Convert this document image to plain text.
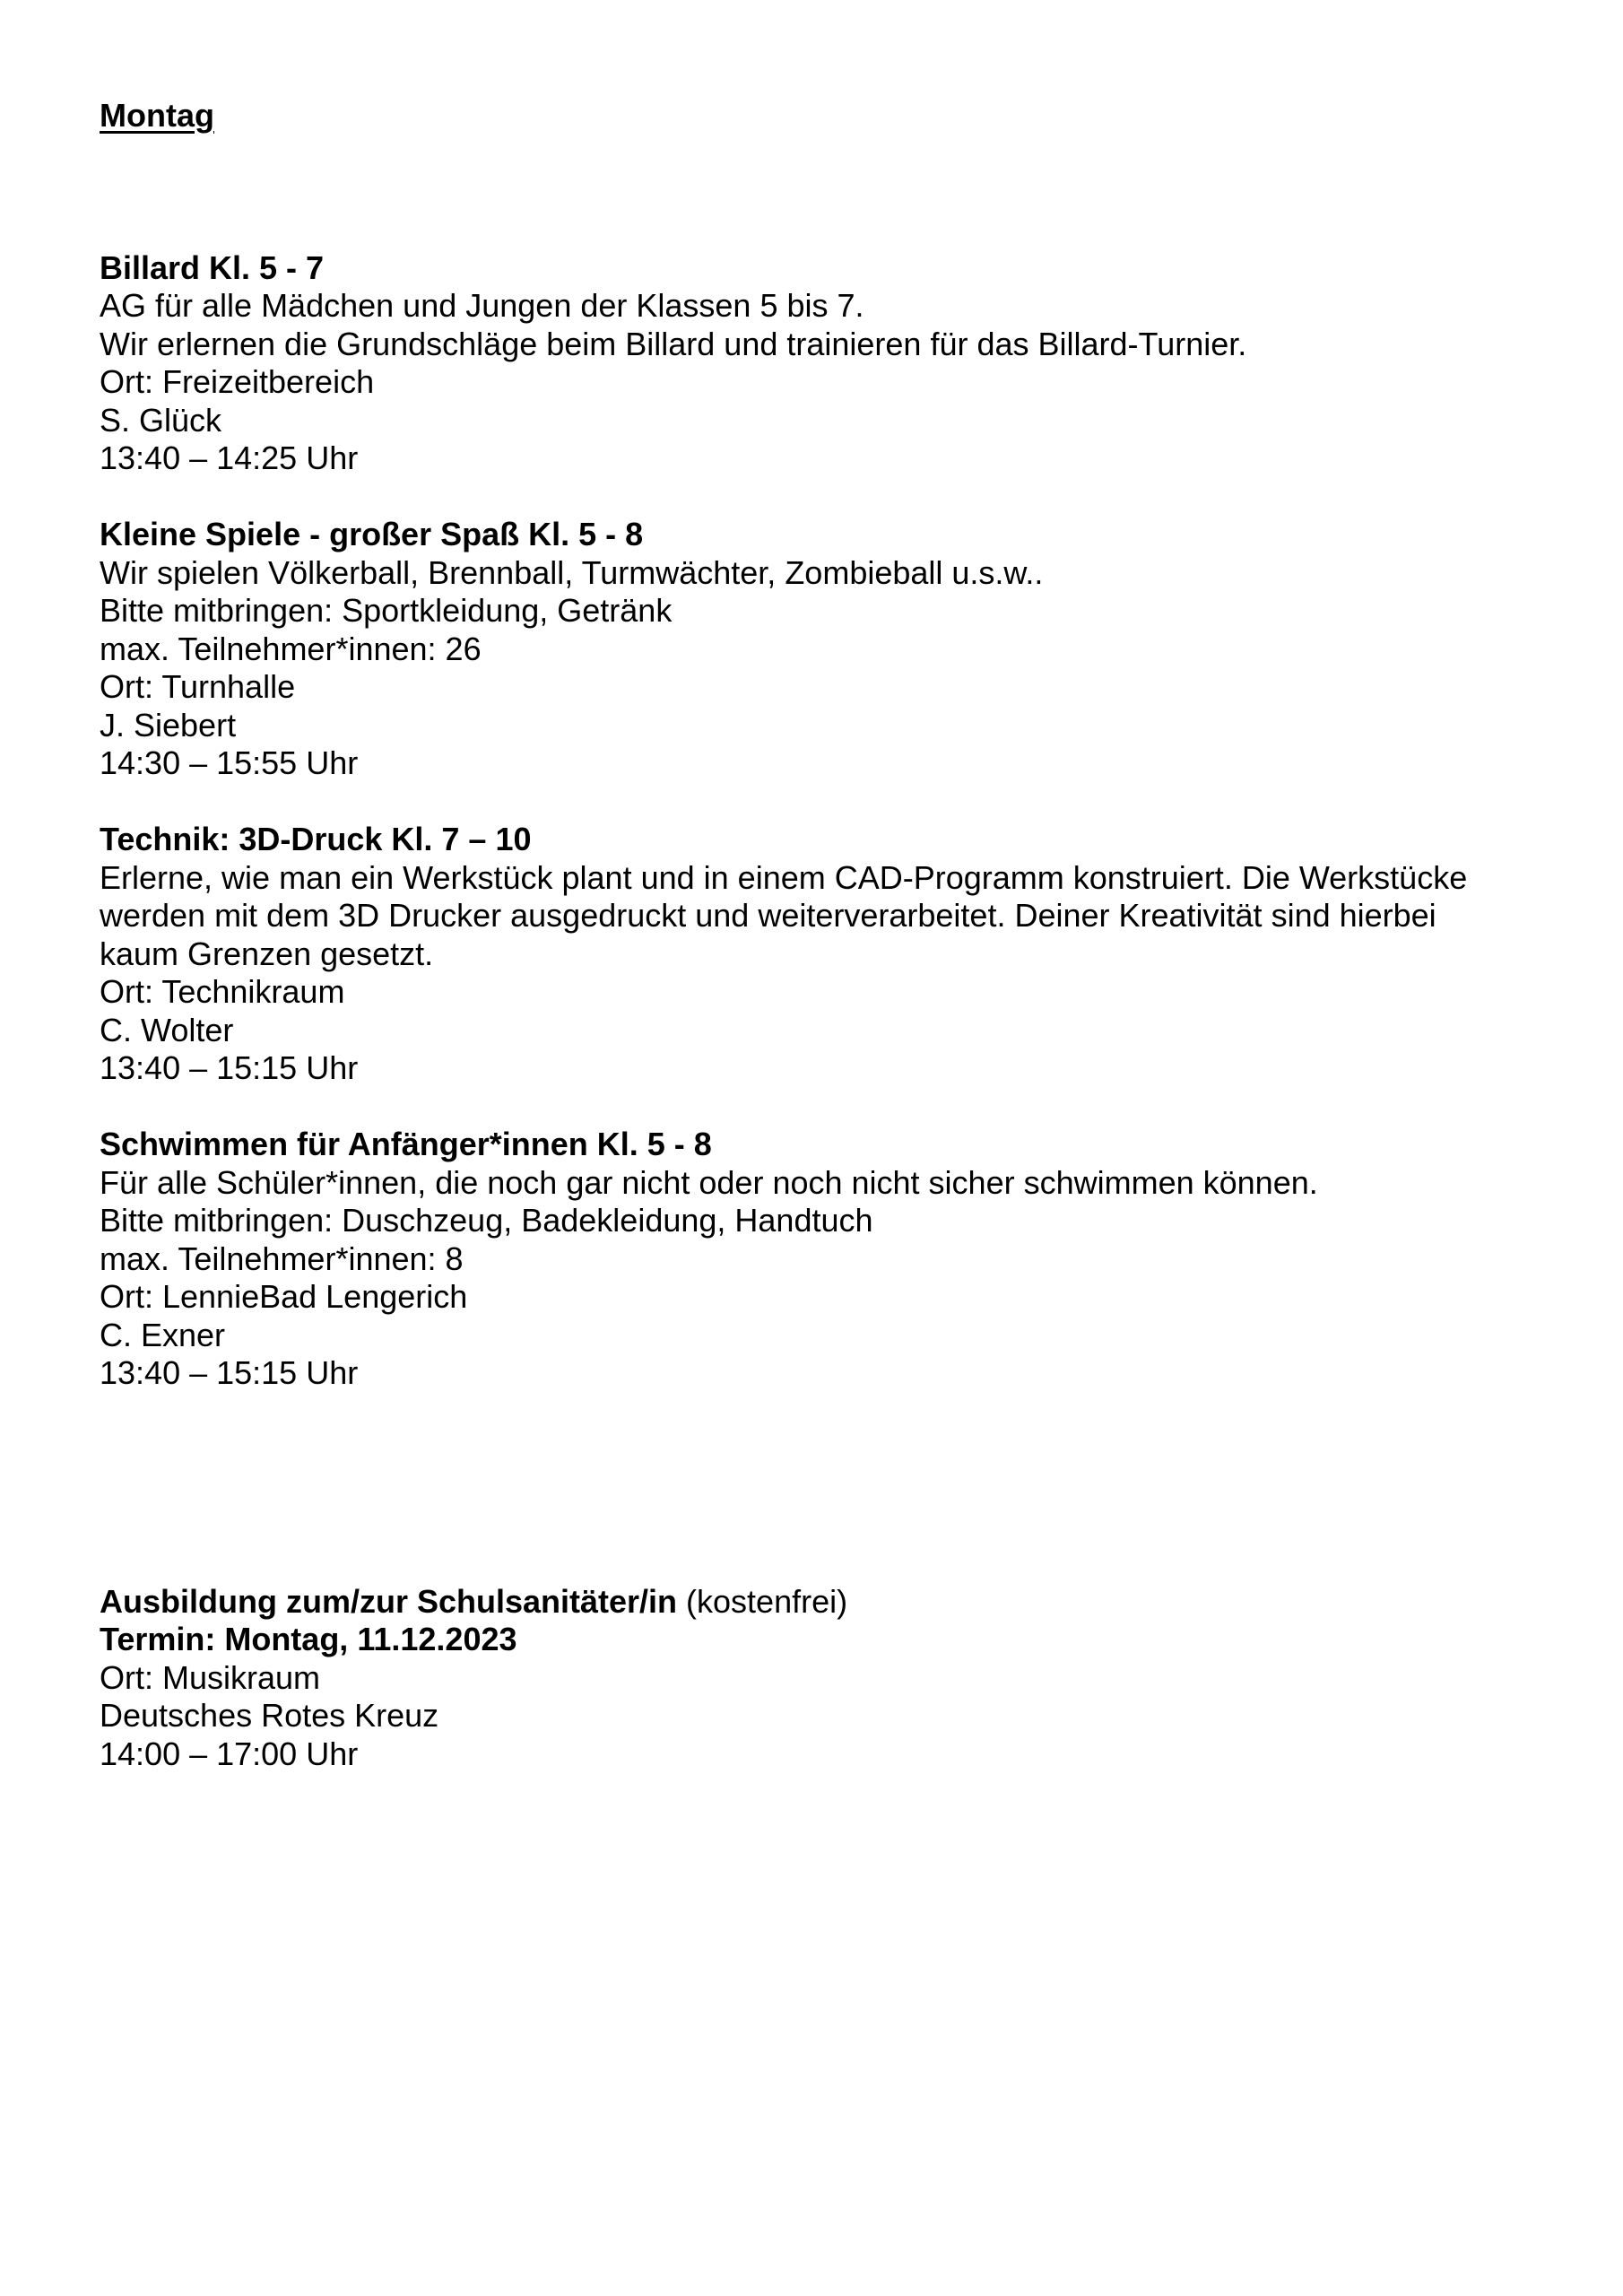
Montag

Billard Kl. 5 - 7

AG für alle Mädchen und Jungen der Klassen 5 bis 7.

Wir erlernen die Grundschläge beim Billard und trainieren für das Billard-Turnier.

Ort: Freizeitbereich

S. Glück

13:40 – 14:25 Uhr

Kleine Spiele - großer Spaß Kl. 5 - 8

Wir spielen Völkerball, Brennball, Turmwächter, Zombieball u.s.w..

Bitte mitbringen: Sportkleidung, Getränk

max. Teilnehmer*innen: 26

Ort: Turnhalle

J. Siebert

14:30 – 15:55 Uhr

Technik: 3D-Druck Kl. 7 – 10

Erlerne, wie man ein Werkstück plant und in einem CAD-Programm konstruiert. Die Werkstücke

werden mit dem 3D Drucker ausgedruckt und weiterverarbeitet. Deiner Kreativität sind hierbei

kaum Grenzen gesetzt.

Ort: Technikraum

C. Wolter

13:40 – 15:15 Uhr

Schwimmen für Anfänger*innen Kl. 5 - 8

Für alle Schüler*innen, die noch gar nicht oder noch nicht sicher schwimmen können.

Bitte mitbringen: Duschzeug, Badekleidung, Handtuch

max. Teilnehmer*innen: 8

Ort: LennieBad Lengerich

C. Exner

13:40 – 15:15 Uhr

Ausbildung zum/zur Schulsanitäter/in (kostenfrei)

Termin: Montag, 11.12.2023

Ort: Musikraum

Deutsches Rotes Kreuz

14:00 – 17:00 Uhr
